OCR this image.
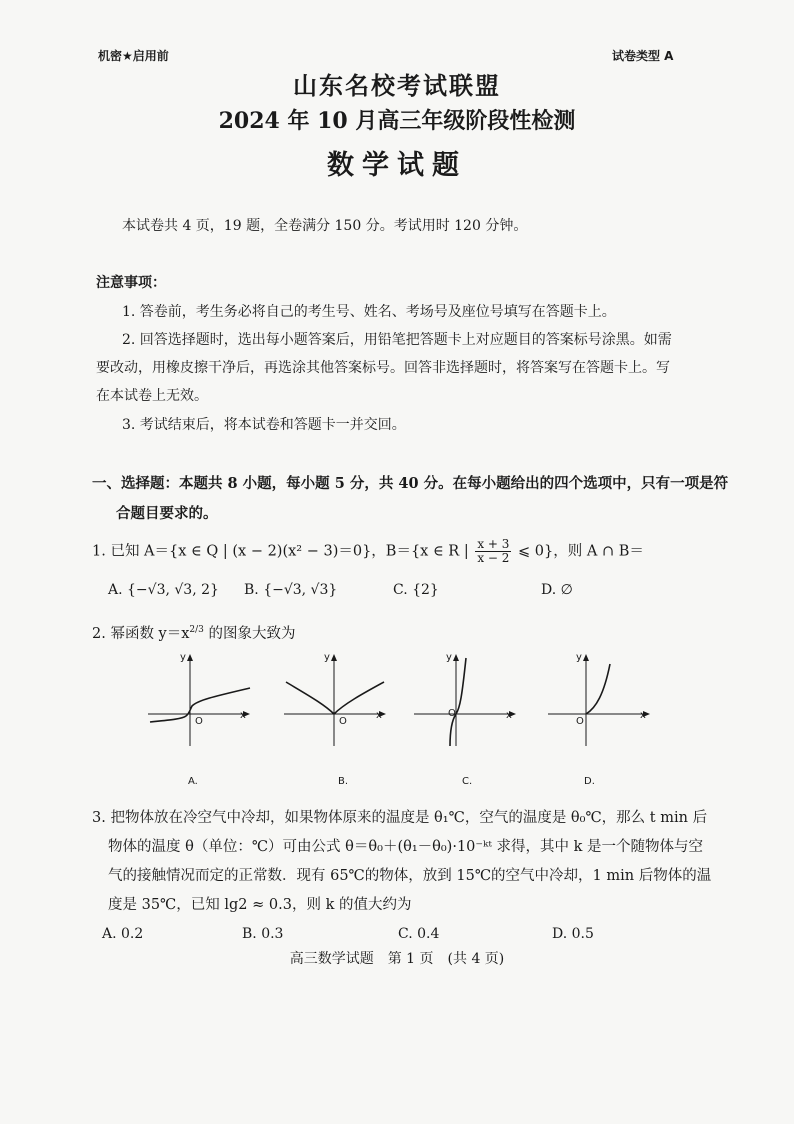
机密★启用前	试卷类型 A
山东名校考试联盟
2024 年 10 月高三年级阶段性检测
数学试题
本试卷共 4 页，19 题，全卷满分 150 分。考试用时 120 分钟。
注意事项：
1. 答卷前，考生务必将自己的考生号、姓名、考场号及座位号填写在答题卡上。
2. 回答选择题时，选出每小题答案后，用铅笔把答题卡上对应题目的答案标号涂黑。如需
要改动，用橡皮擦干净后，再选涂其他答案标号。回答非选择题时，将答案写在答题卡上。写
在本试卷上无效。
3. 考试结束后，将本试卷和答题卡一并交回。
一、选择题：本题共 8 小题，每小题 5 分，共 40 分。在每小题给出的四个选项中，只有一项是符
合题目要求的。
1. 已知 A＝{x ∈ Q | (x − 2)(x² − 3)＝0}，B＝{x ∈ R | $\frac{x + 3}{x - 2}$ ⩽ 0}，则 A ∩ B＝
A. {−√3, √3, 2} B. {−√3, √3}	C. {2}	D. ∅
2. 幂函数 $y=x^{2/3}$ 的图象大致为
y
x
O
A.
y
x
O
B.
y
x
O
C.
y
x
O
D.
3. 把物体放在冷空气中冷却，如果物体原来的温度是 θ₁℃，空气的温度是 θ₀℃，那么 t min 后
物体的温度 θ（单位：℃）可由公式 θ＝θ₀＋(θ₁－θ₀)·10⁻ᵏᵗ 求得，其中 k 是一个随物体与空
气的接触情况而定的正常数．现有 65℃的物体，放到 15℃的空气中冷却，1 min 后物体的温
度是 35℃，已知 lg2 ≈ 0.3，则 k 的值大约为
A. 0.2	B. 0.3	C. 0.4	D. 0.5
高三数学试题　第 1 页　(共 4 页)
